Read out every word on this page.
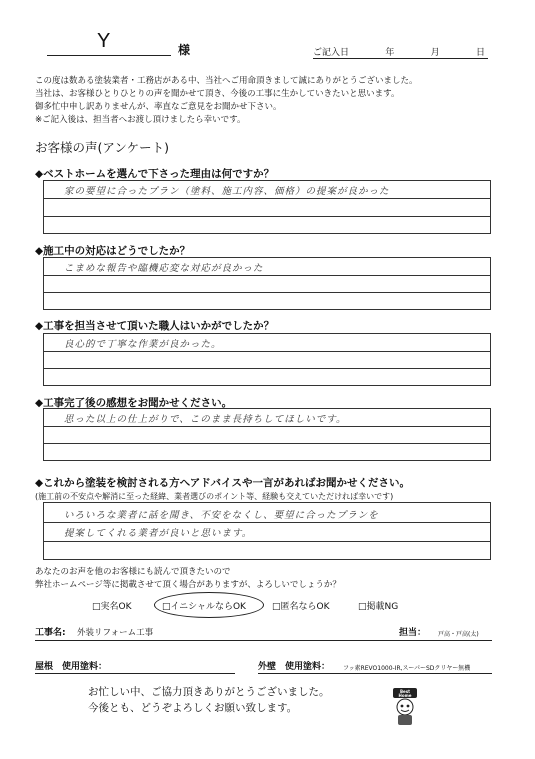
Y	様	ご記入日	年	月	日
この度は数ある塗装業者・工務店がある中、当社へご用命頂きまして誠にありがとうございました。
当社は、お客様ひとりひとりの声を聞かせて頂き、今後の工事に生かしていきたいと思います。
御多忙中申し訳ありませんが、率直なご意見をお聞かせ下さい。
※ご記入後は、担当者へお渡し頂けましたら幸いです。
お客様の声(アンケート)
◆ベストホームを選んで下さった理由は何ですか？
家の要望に合ったプラン（塗料、施工内容、価格）の提案が良かった
◆施工中の対応はどうでしたか？
こまめな報告や臨機応変な対応が良かった
◆工事を担当させて頂いた職人はいかがでしたか？
良心的で丁寧な作業が良かった。
◆工事完了後の感想をお聞かせください。
思った以上の仕上がりで、このまま長持ちしてほしいです。
◆これから塗装を検討される方へアドバイスや一言があればお聞かせください。
(施工前の不安点や解消に至った経緯、業者選びのポイント等、経験も交えていただければ幸いです)
いろいろな業者に話を聞き、不安をなくし、要望に合ったプランを
提案してくれる業者が良いと思います。
あなたのお声を他のお客様にも読んで頂きたいので
弊社ホームページ等に掲載させて頂く場合がありますが、よろしいでしょうか？
□実名OK	□イニシャルならOK	□匿名ならOK	□掲載NG
工事名: 外装リフォーム工事	担当： 戸高・戸高(太)
屋根　使用塗料：	外壁　使用塗料： フッ素REVO1000-IR,スーパーSDクリヤー無機
お忙しい中、ご協力頂きありがとうございました。
今後とも、どうぞよろしくお願い致します。
Best
Home
